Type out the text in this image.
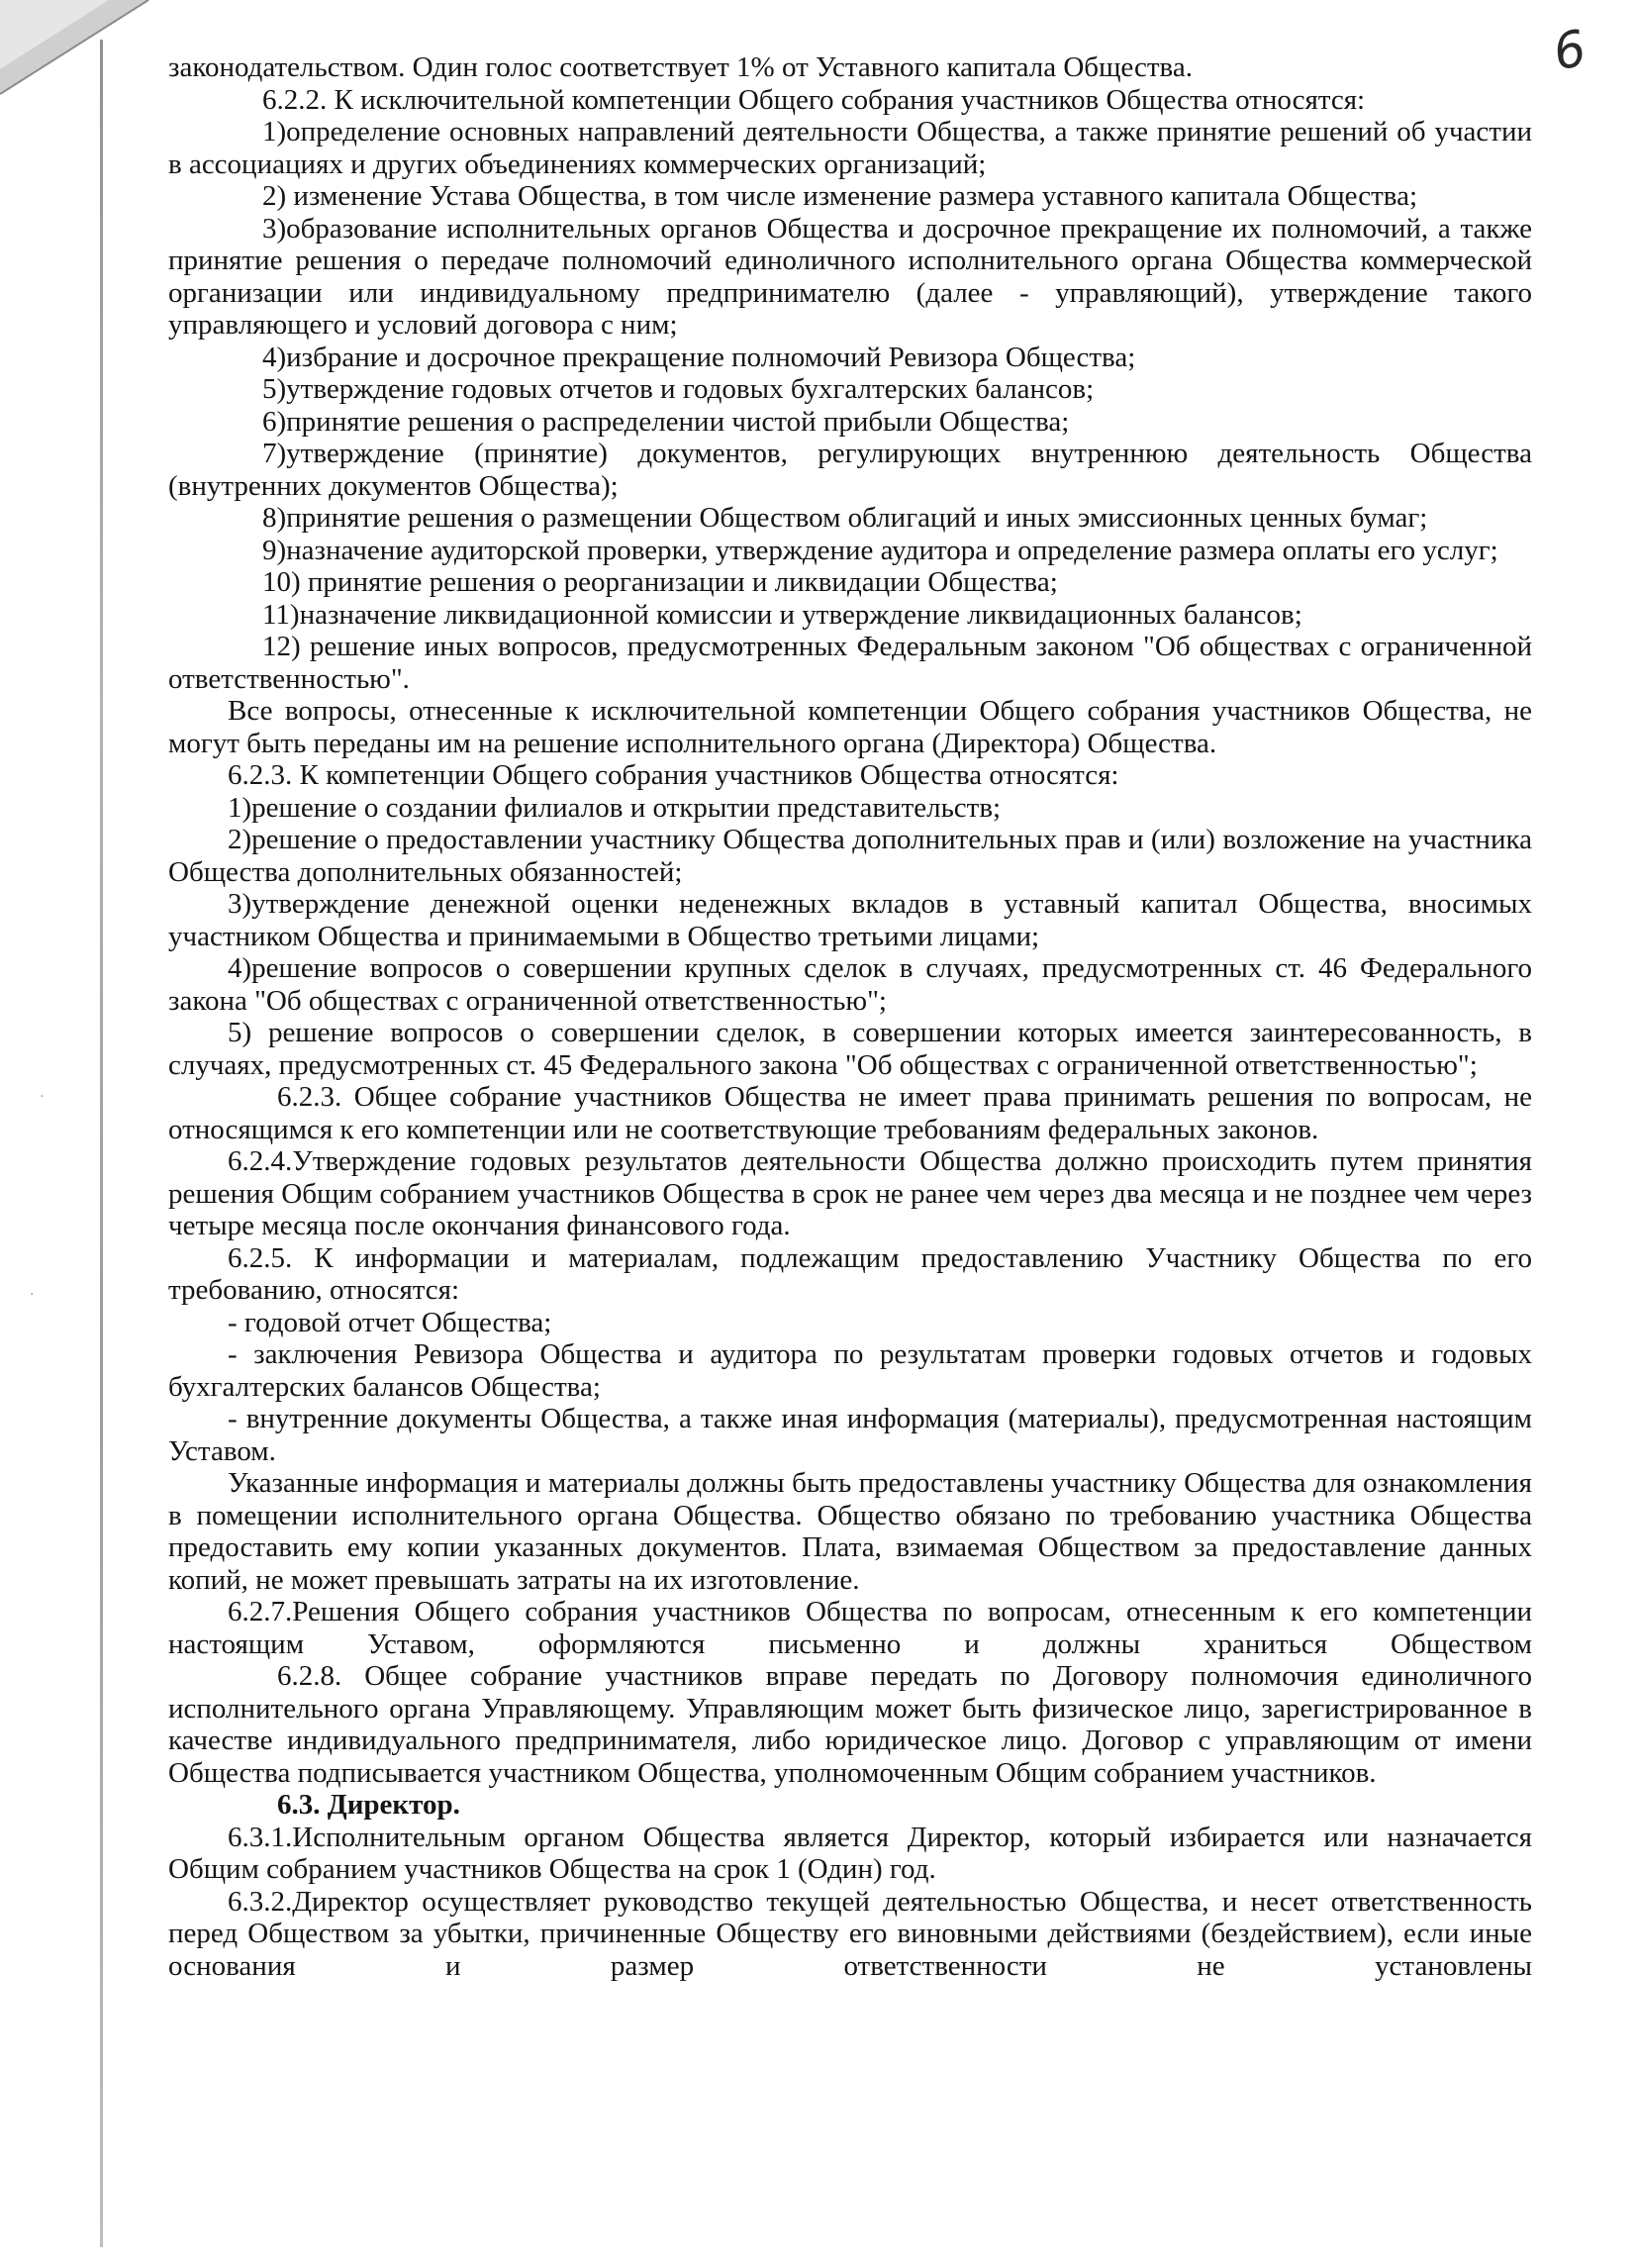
·
·
6

законодательством. Один голос соответствует 1% от Уставного капитала Общества.

6.2.2. К исключительной компетенции Общего собрания участников Общества относятся:

1)определение основных направлений деятельности Общества, а также принятие решений об участии в ассоциациях и других объединениях коммерческих организаций;

2) изменение Устава Общества, в том числе изменение размера уставного капитала Общества;

3)образование исполнительных органов Общества и досрочное прекращение их полномочий, а также принятие решения о передаче полномочий единоличного исполнительного органа Общества коммерческой организации или индивидуальному предпринимателю (далее - управляющий), утверждение такого управляющего и условий договора с ним;

4)избрание и досрочное прекращение полномочий Ревизора Общества;

5)утверждение годовых отчетов и годовых бухгалтерских балансов;

6)принятие решения о распределении чистой прибыли Общества;

7)утверждение (принятие) документов, регулирующих внутреннюю деятельность Общества (внутренних документов Общества);

8)принятие решения о размещении Обществом облигаций и иных эмиссионных ценных бумаг;

9)назначение аудиторской проверки, утверждение аудитора и определение размера оплаты его услуг;

10) принятие решения о реорганизации и ликвидации Общества;

11)назначение ликвидационной комиссии и утверждение ликвидационных балансов;

12) решение иных вопросов, предусмотренных Федеральным законом "Об обществах с ограниченной ответственностью".

Все вопросы, отнесенные к исключительной компетенции Общего собрания участников Общества, не могут быть переданы им на решение исполнительного органа (Директора) Общества.

6.2.3. К компетенции Общего собрания участников Общества относятся:

1)решение о создании филиалов и открытии представительств;

2)решение о предоставлении участнику Общества дополнительных прав и (или) возложение на участника Общества дополнительных обязанностей;

3)утверждение денежной оценки неденежных вкладов в уставный капитал Общества, вносимых участником Общества и принимаемыми в Общество третьими лицами;

4)решение вопросов о совершении крупных сделок в случаях, предусмотренных ст. 46 Федерального закона "Об обществах с ограниченной ответственностью";

5) решение вопросов о совершении сделок, в совершении которых имеется заинтересованность, в случаях, предусмотренных ст. 45 Федерального закона "Об обществах с ограниченной ответственностью";

6.2.3. Общее собрание участников Общества не имеет права принимать решения по вопросам, не относящимся к его компетенции или не соответствующие требованиям федеральных законов.

6.2.4.Утверждение годовых результатов деятельности Общества должно происходить путем принятия решения Общим собранием участников Общества в срок не ранее чем через два месяца и не позднее чем через четыре месяца после окончания финансового года.

6.2.5. К информации и материалам, подлежащим предоставлению Участнику Общества по его требованию, относятся:

- годовой отчет Общества;

- заключения Ревизора Общества и аудитора по результатам проверки годовых отчетов и годовых бухгалтерских балансов Общества;

- внутренние документы Общества, а также иная информация (материалы), предусмотренная настоящим Уставом.

Указанные информация и материалы должны быть предоставлены участнику Общества для ознакомления в помещении исполнительного органа Общества. Общество обязано по требованию участника Общества предоставить ему копии указанных документов. Плата, взимаемая Обществом за предоставление данных копий, не может превышать затраты на их изготовление.

6.2.7.Решения Общего собрания участников Общества по вопросам, отнесенным к его компетенции настоящим Уставом, оформляются письменно и должны храниться Обществом

6.2.8. Общее собрание участников вправе передать по Договору полномочия единоличного исполнительного органа Управляющему. Управляющим может быть физическое лицо, зарегистрированное в качестве индивидуального предпринимателя, либо юридическое лицо. Договор с управляющим от имени Общества подписывается участником Общества, уполномоченным Общим собранием участников.

6.3. Директор.

6.3.1.Исполнительным органом Общества является Директор, который избирается или назначается Общим собранием участников Общества на срок 1 (Один) год.

6.3.2.Директор осуществляет руководство текущей деятельностью Общества, и несет ответственность перед Обществом за убытки, причиненные Обществу его виновными действиями (бездействием), если иные основания и размер ответственности не установлены
